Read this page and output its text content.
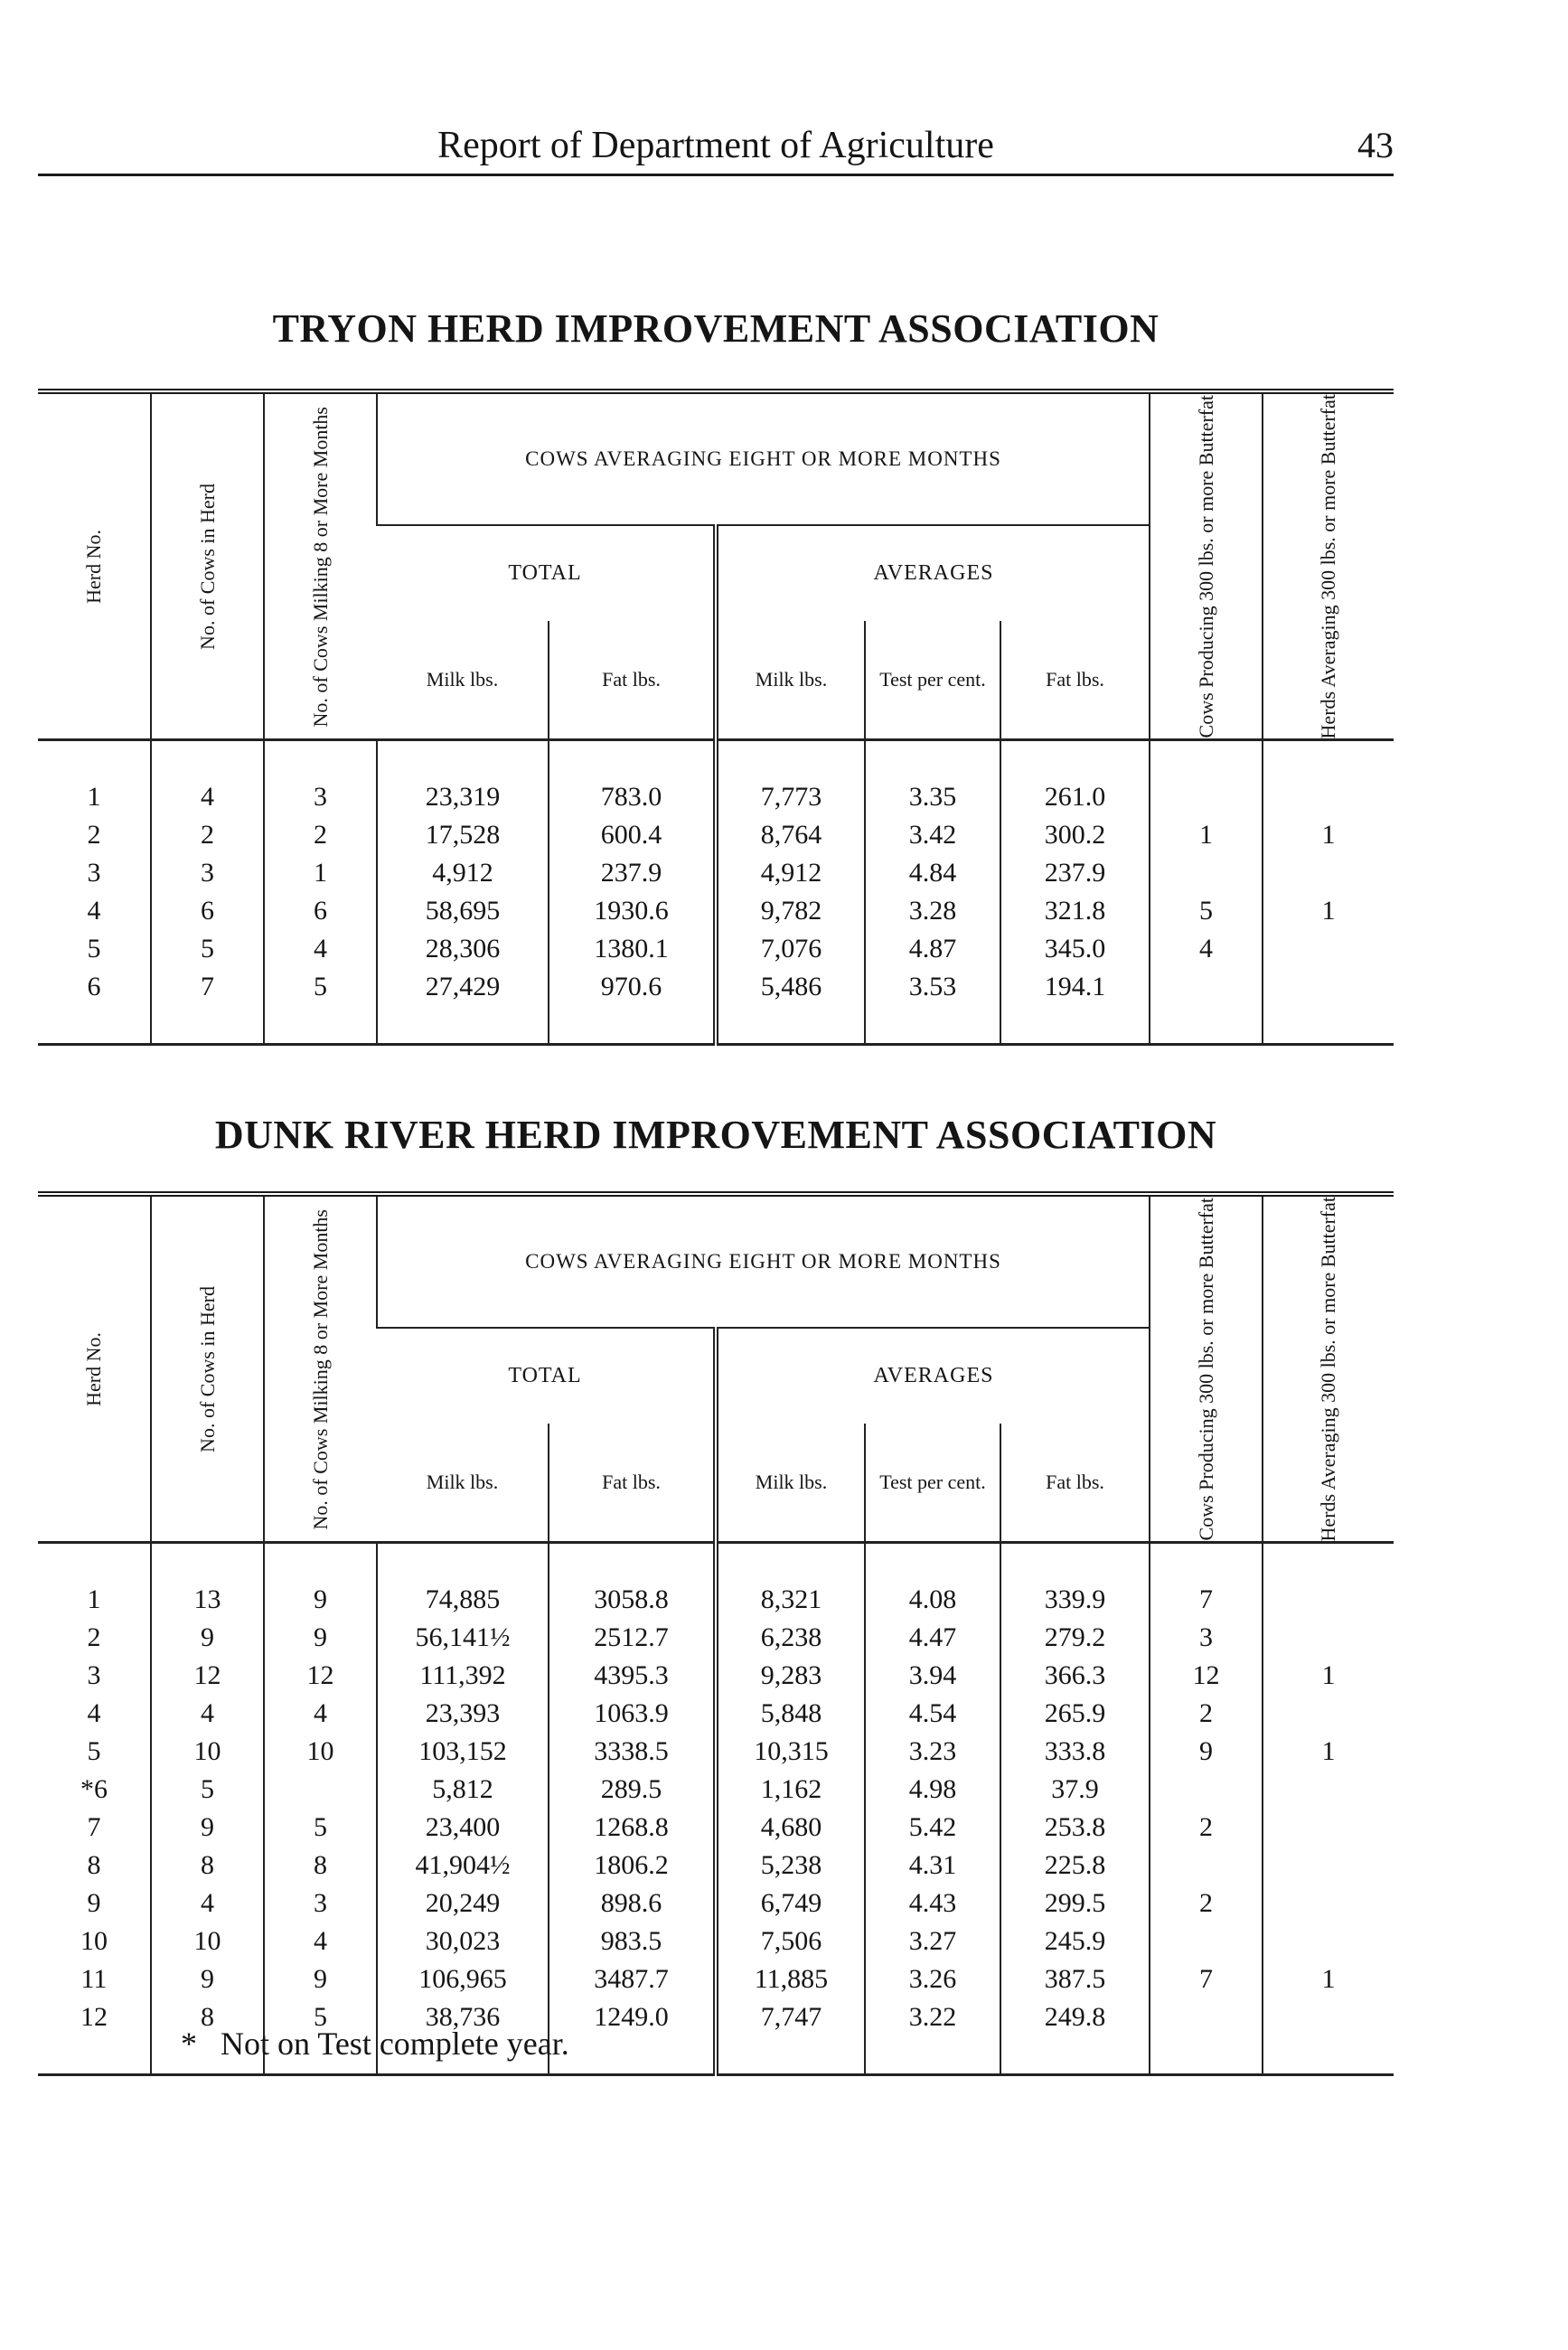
Report of Department of Agriculture	43
TRYON HERD IMPROVEMENT ASSOCIATION
Herd No.	No. of Cows in Herd	No. of Cows Milking 8 or More Months	COWS AVERAGING EIGHT OR MORE MONTHS					Cows Producing 300 lbs. or more Butterfat	Herds Averaging 300 lbs. or more Butterfat

			TOTAL		AVERAGES				
			Milk lbs.	Fat lbs.	Milk lbs.	Test per cent.	Fat lbs.		
1	4	3	23,319	783.0	7,773	3.35	261.0		
2	2	2	17,528	600.4	8,764	3.42	300.2	1	1
3	3	1	4,912	237.9	4,912	4.84	237.9		
4	6	6	58,695	1930.6	9,782	3.28	321.8	5	1
5	5	4	28,306	1380.1	7,076	4.87	345.0	4	
6	7	5	27,429	970.6	5,486	3.53	194.1		
DUNK RIVER HERD IMPROVEMENT ASSOCIATION
Herd No.	No. of Cows in Herd	No. of Cows Milking 8 or More Months	COWS AVERAGING EIGHT OR MORE MONTHS					Cows Producing 300 lbs. or more Butterfat	Herds Averaging 300 lbs. or more Butterfat

			TOTAL		AVERAGES				
			Milk lbs.	Fat lbs.	Milk lbs.	Test per cent.	Fat lbs.		
1	13	9	74,885	3058.8	8,321	4.08	339.9	7	
2	9	9	56,141½	2512.7	6,238	4.47	279.2	3	
3	12	12	111,392	4395.3	9,283	3.94	366.3	12	1
4	4	4	23,393	1063.9	5,848	4.54	265.9	2	
5	10	10	103,152	3338.5	10,315	3.23	333.8	9	1
*6	5		5,812	289.5	1,162	4.98	37.9		
7	9	5	23,400	1268.8	4,680	5.42	253.8	2	
8	8	8	41,904½	1806.2	5,238	4.31	225.8		
9	4	3	20,249	898.6	6,749	4.43	299.5	2	
10	10	4	30,023	983.5	7,506	3.27	245.9		
11	9	9	106,965	3487.7	11,885	3.26	387.5	7	1
12	8	5	38,736	1249.0	7,747	3.22	249.8		
* Not on Test complete year.
